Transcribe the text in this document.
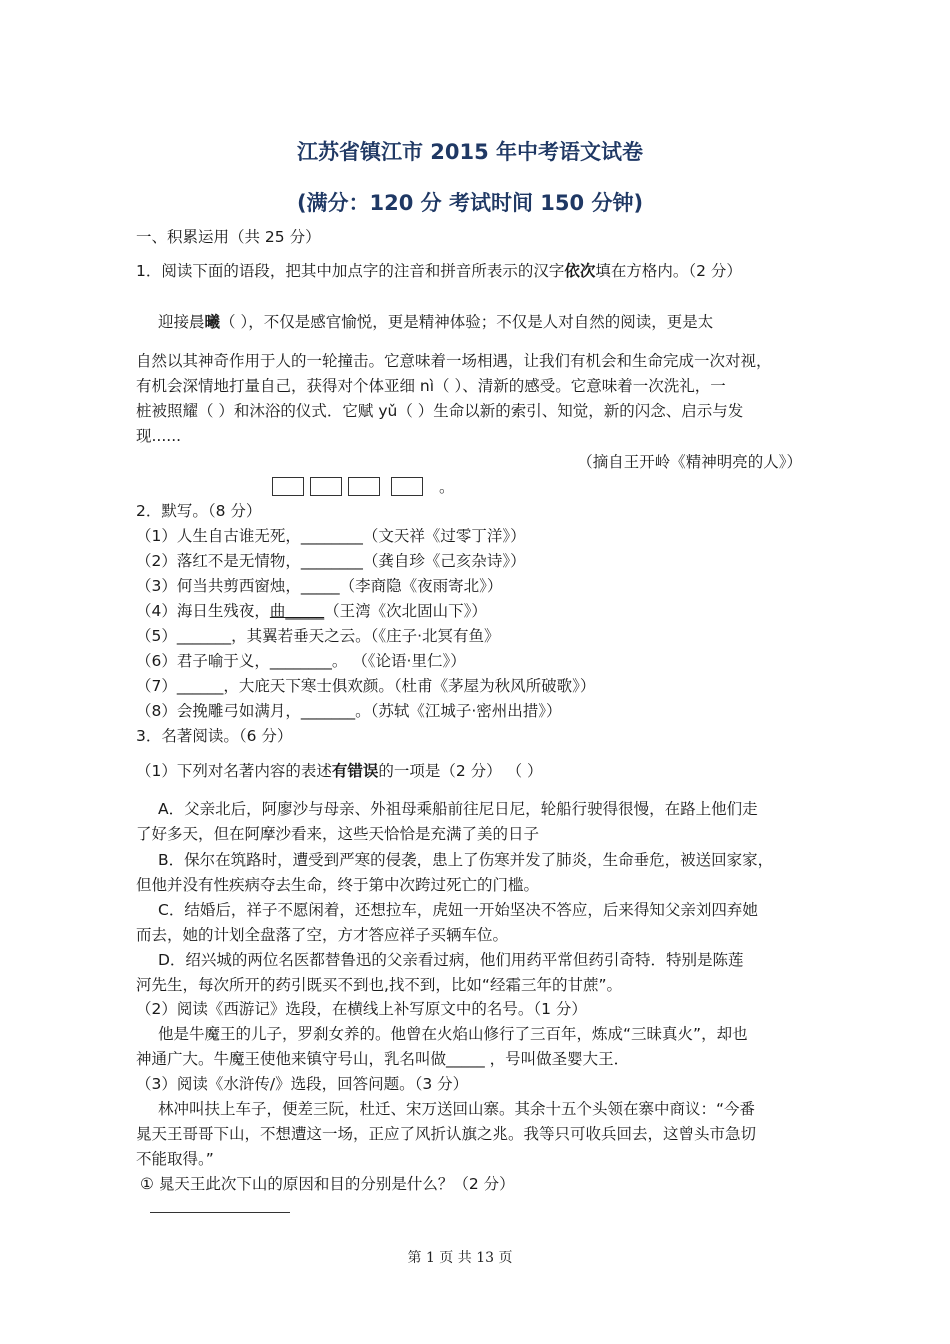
江苏省镇江市 2015 年中考语文试卷
(满分：120 分 考试时间 150 分钟)

一、积累运用（共 25 分）

1．阅读下面的语段，把其中加点字的注音和拼音所表示的汉字依次填在方格内。（2 分）

迎接晨曦（ ），不仅是感官愉悦，更是精神体验；不仅是人对自然的阅读，更是太

自然以其神奇作用于人的一轮撞击。它意味着一场相遇，让我们有机会和生命完成一次对视，

有机会深情地打量自己，获得对个体亚细 nì（ ）、清新的感受。它意味着一次洗礼，一

桩被照耀（ ）和沐浴的仪式．它赋 yǔ（ ）生命以新的索引、知觉，新的闪念、启示与发

现......

（摘自王开岭《精神明亮的人》）
。

2．默写。（8 分）

（1）人生自古谁无死，________（文天祥《过零丁洋》）

（2）落红不是无情物，________（龚自珍《己亥杂诗》）

（3）何当共剪西窗烛，_____（李商隐《夜雨寄北》）

（4）海日生残夜，曲_____（王湾《次北固山下》）

（5）_______，其翼若垂天之云。（《庄子·北冥有鱼》

（6）君子喻于义，________。 （《论语·里仁》）

（7）______，大庇天下寒士俱欢颜。（杜甫《茅屋为秋风所破歌》）

（8）会挽雕弓如满月，_______。（苏轼《江城子·密州出措》）

3．名著阅读。（6 分）

（1）下列对名著内容的表述有错误的一项是（2 分） （ ）

A．父亲北后，阿廖沙与母亲、外祖母乘船前往尼日尼，轮船行驶得很慢，在路上他们走

了好多天，但在阿摩沙看来，这些天恰恰是充满了美的日子

B．保尔在筑路时，遭受到严寒的侵袭，患上了伤寒并发了肺炎，生命垂危，被送回家家，

但他并没有性疾病夺去生命，终于第中次跨过死亡的门槛。

C．结婚后，祥子不愿闲着，还想拉车，虎妞一开始坚决不答应，后来得知父亲刘四弃她

而去，她的计划全盘落了空，方才答应祥子买辆车位。

D．绍兴城的两位名医都替鲁迅的父亲看过病，他们用药平常但药引奇特．特别是陈莲

河先生，每次所开的药引既买不到也,找不到，比如“经霜三年的甘蔗”。

（2）阅读《西游记》选段，在横线上补写原文中的名号。（1 分）

他是牛魔王的儿子，罗刹女养的。他曾在火焰山修行了三百年，炼成“三昧真火”，却也

神通广大。牛魔王使他来镇守号山，乳名叫做_____ ，号叫做圣婴大王．

（3）阅读《水浒传/》选段，回答问题。（3 分）

林冲叫扶上车子，便差三阮，杜迁、宋万送回山寨。其余十五个头领在寨中商议：“今番

晁天王哥哥下山，不想遭这一场，正应了风折认旗之兆。我等只可收兵回去，这曾头市急切

不能取得。”

① 晁天王此次下山的原因和目的分别是什么？（2 分）

第 1 页 共 13 页
